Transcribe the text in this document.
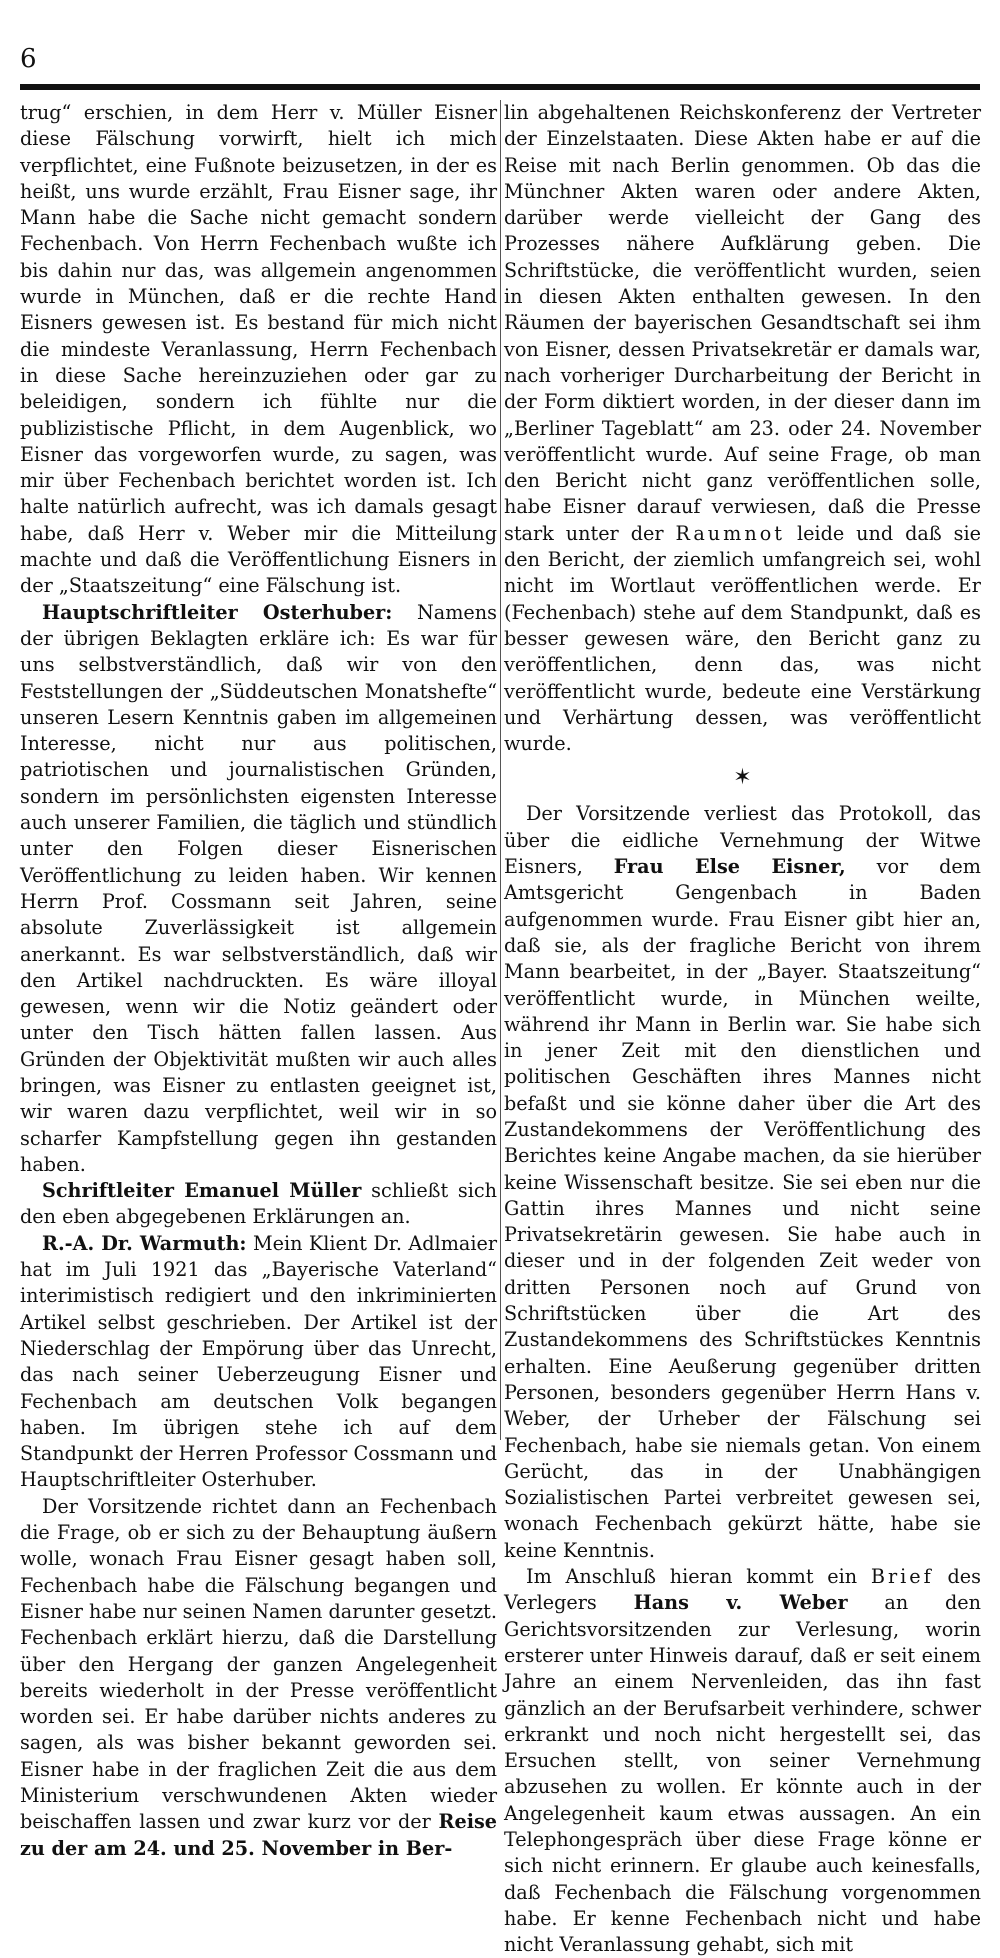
6

trug“ erschien, in dem Herr v. Müller Eisner diese Fälschung vorwirft, hielt ich mich verpflichtet, eine Fußnote beizusetzen, in der es heißt, uns wurde erzählt, Frau Eisner sage, ihr Mann habe die Sache nicht gemacht sondern Fechenbach. Von Herrn Fechenbach wußte ich bis dahin nur das, was allgemein angenommen wurde in München, daß er die rechte Hand Eisners gewesen ist. Es bestand für mich nicht die mindeste Veranlassung, Herrn Fechenbach in diese Sache hereinzuziehen oder gar zu beleidigen, sondern ich fühlte nur die publizistische Pflicht, in dem Augenblick, wo Eisner das vorgeworfen wurde, zu sagen, was mir über Fechenbach berichtet worden ist. Ich halte natürlich aufrecht, was ich damals gesagt habe, daß Herr v. Weber mir die Mitteilung machte und daß die Veröffentlichung Eisners in der „Staatszeitung“ eine Fälschung ist.

Hauptschriftleiter Osterhuber: Namens der übrigen Beklagten erkläre ich: Es war für uns selbstverständlich, daß wir von den Feststellungen der „Süddeutschen Monatshefte“ unseren Lesern Kenntnis gaben im allgemeinen Interesse, nicht nur aus politischen, patriotischen und journalistischen Gründen, sondern im persönlichsten eigensten Interesse auch unserer Familien, die täglich und stündlich unter den Folgen dieser Eisnerischen Veröffentlichung zu leiden haben. Wir kennen Herrn Prof. Cossmann seit Jahren, seine absolute Zuverlässigkeit ist allgemein anerkannt. Es war selbstverständlich, daß wir den Artikel nachdruckten. Es wäre illoyal gewesen, wenn wir die Notiz geändert oder unter den Tisch hätten fallen lassen. Aus Gründen der Objektivität mußten wir auch alles bringen, was Eisner zu entlasten geeignet ist, wir waren dazu verpflichtet, weil wir in so scharfer Kampfstellung gegen ihn gestanden haben.

Schriftleiter Emanuel Müller schließt sich den eben abgegebenen Erklärungen an.

R.-A. Dr. Warmuth: Mein Klient Dr. Adlmaier hat im Juli 1921 das „Bayerische Vaterland“ interimistisch redigiert und den inkriminierten Artikel selbst geschrieben. Der Artikel ist der Niederschlag der Empörung über das Unrecht, das nach seiner Ueberzeugung Eisner und Fechenbach am deutschen Volk begangen haben. Im übrigen stehe ich auf dem Standpunkt der Herren Professor Cossmann und Hauptschriftleiter Osterhuber.

Der Vorsitzende richtet dann an Fechenbach die Frage, ob er sich zu der Behauptung äußern wolle, wonach Frau Eisner gesagt haben soll, Fechenbach habe die Fälschung begangen und Eisner habe nur seinen Namen darunter gesetzt. Fechenbach erklärt hierzu, daß die Darstellung über den Hergang der ganzen Angelegenheit bereits wiederholt in der Presse veröffentlicht worden sei. Er habe darüber nichts anderes zu sagen, als was bisher bekannt geworden sei. Eisner habe in der fraglichen Zeit die aus dem Ministerium verschwundenen Akten wieder beischaffen lassen und zwar kurz vor der Reise zu der am 24. und 25. November in Ber-

lin abgehaltenen Reichskonferenz der Vertreter der Einzelstaaten. Diese Akten habe er auf die Reise mit nach Berlin genommen. Ob das die Münchner Akten waren oder andere Akten, darüber werde vielleicht der Gang des Prozesses nähere Aufklärung geben. Die Schriftstücke, die veröffentlicht wurden, seien in diesen Akten enthalten gewesen. In den Räumen der bayerischen Gesandtschaft sei ihm von Eisner, dessen Privatsekretär er damals war, nach vorheriger Durcharbeitung der Bericht in der Form diktiert worden, in der dieser dann im „Berliner Tageblatt“ am 23. oder 24. November veröffentlicht wurde. Auf seine Frage, ob man den Bericht nicht ganz veröffentlichen solle, habe Eisner darauf verwiesen, daß die Presse stark unter der Raumnot leide und daß sie den Bericht, der ziemlich umfangreich sei, wohl nicht im Wortlaut veröffentlichen werde. Er (Fechenbach) stehe auf dem Standpunkt, daß es besser gewesen wäre, den Bericht ganz zu veröffentlichen, denn das, was nicht veröffentlicht wurde, bedeute eine Verstärkung und Verhärtung dessen, was veröffentlicht wurde.

✶

Der Vorsitzende verliest das Protokoll, das über die eidliche Vernehmung der Witwe Eisners, Frau Else Eisner, vor dem Amtsgericht Gengenbach in Baden aufgenommen wurde. Frau Eisner gibt hier an, daß sie, als der fragliche Bericht von ihrem Mann bearbeitet, in der „Bayer. Staatszeitung“ veröffentlicht wurde, in München weilte, während ihr Mann in Berlin war. Sie habe sich in jener Zeit mit den dienstlichen und politischen Geschäften ihres Mannes nicht befaßt und sie könne daher über die Art des Zustandekommens der Veröffentlichung des Berichtes keine Angabe machen, da sie hierüber keine Wissenschaft besitze. Sie sei eben nur die Gattin ihres Mannes und nicht seine Privatsekretärin gewesen. Sie habe auch in dieser und in der folgenden Zeit weder von dritten Personen noch auf Grund von Schriftstücken über die Art des Zustandekommens des Schriftstückes Kenntnis erhalten. Eine Aeußerung gegenüber dritten Personen, besonders gegenüber Herrn Hans v. Weber, der Urheber der Fälschung sei Fechenbach, habe sie niemals getan. Von einem Gerücht, das in der Unabhängigen Sozialistischen Partei verbreitet gewesen sei, wonach Fechenbach gekürzt hätte, habe sie keine Kenntnis.

Im Anschluß hieran kommt ein Brief des Verlegers Hans v. Weber an den Gerichtsvorsitzenden zur Verlesung, worin ersterer unter Hinweis darauf, daß er seit einem Jahre an einem Nervenleiden, das ihn fast gänzlich an der Berufsarbeit verhindere, schwer erkrankt und noch nicht hergestellt sei, das Ersuchen stellt, von seiner Vernehmung abzusehen zu wollen. Er könnte auch in der Angelegenheit kaum etwas aussagen. An ein Telephongespräch über diese Frage könne er sich nicht erinnern. Er glaube auch keinesfalls, daß Fechenbach die Fälschung vorgenommen habe. Er kenne Fechenbach nicht und habe nicht Veranlassung gehabt, sich mit
